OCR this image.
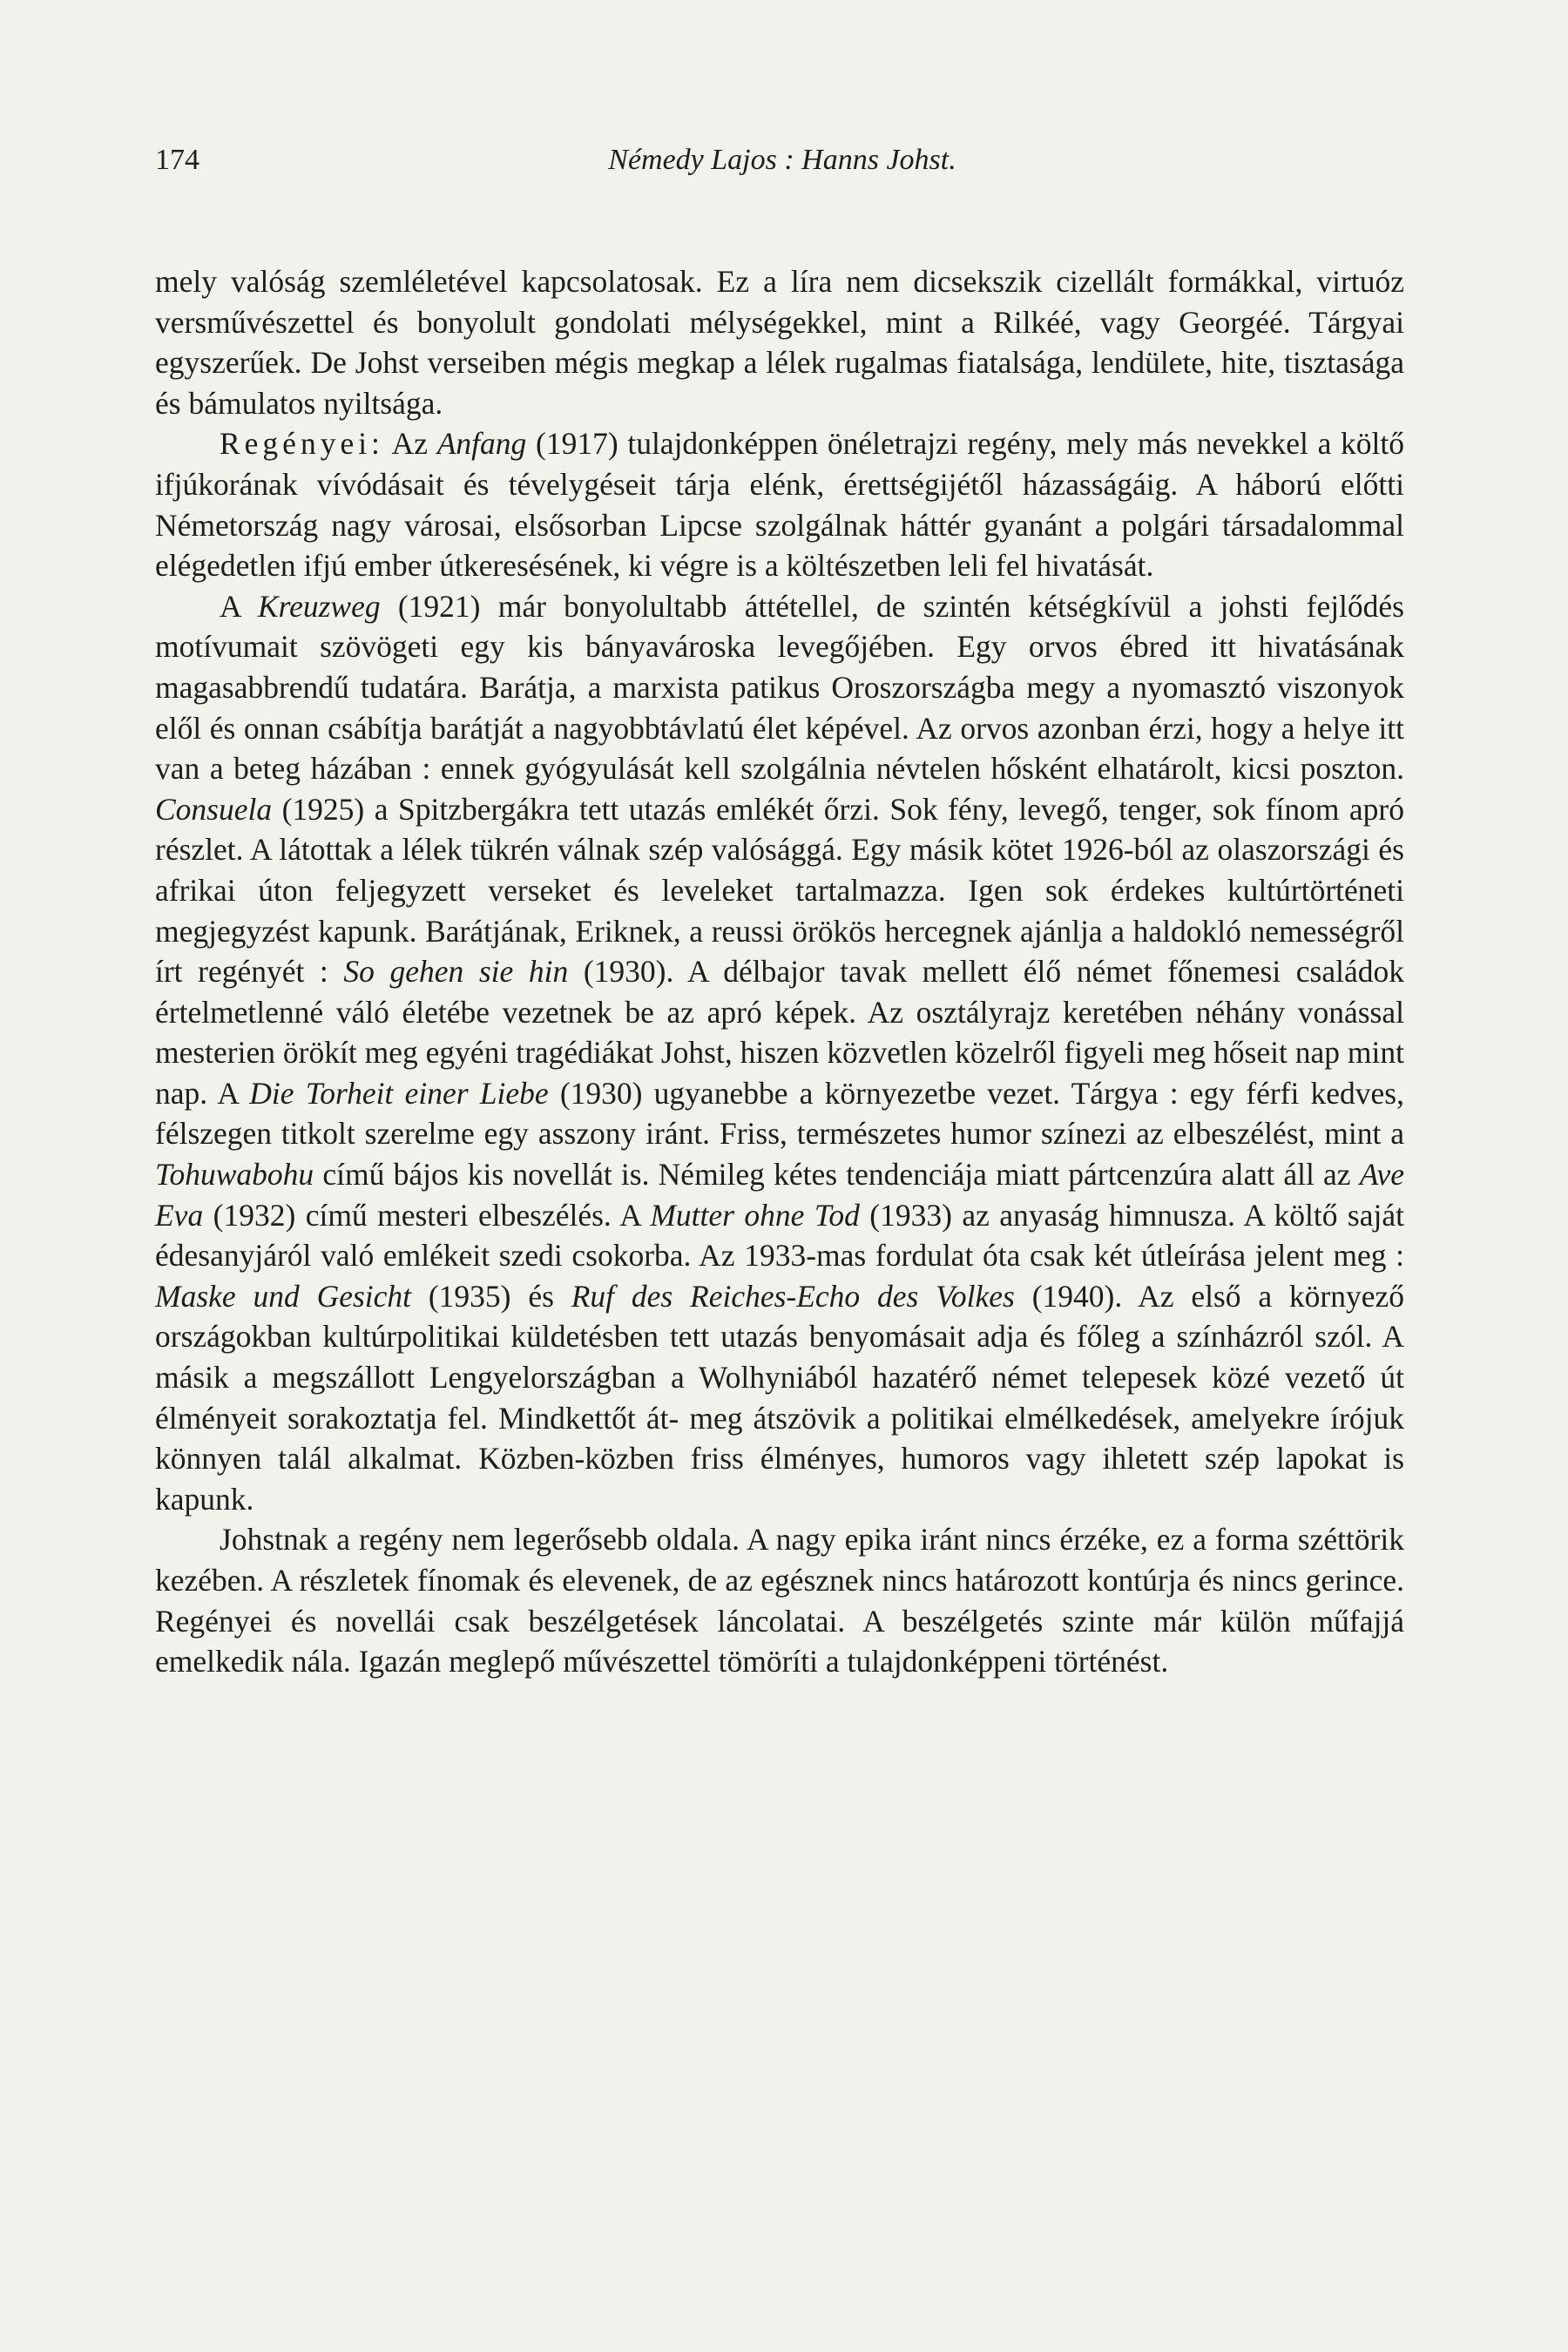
174	Némedy Lajos : Hanns Johst.

mely valóság szemléletével kapcsolatosak. Ez a líra nem dicsekszik cizellált formákkal, virtuóz versművészettel és bonyolult gondolati mélységekkel, mint a Rilkéé, vagy Georgéé. Tárgyai egyszerűek. De Johst verseiben mégis megkap a lélek rugalmas fiatalsága, lendülete, hite, tisztasága és bámulatos nyiltsága.

Regényei: Az Anfang (1917) tulajdonképpen önéletrajzi regény, mely más nevekkel a költő ifjúkorának vívódásait és tévelygéseit tárja elénk, érettségijétől házasságáig. A háború előtti Németország nagy városai, elsősorban Lipcse szolgálnak háttér gyanánt a polgári társadalommal elégedetlen ifjú ember útkeresésének, ki végre is a költészetben leli fel hivatását.

A Kreuzweg (1921) már bonyolultabb áttétellel, de szintén kétségkívül a johsti fejlődés motívumait szövögeti egy kis bányavároska levegőjében. Egy orvos ébred itt hivatásának magasabbrendű tudatára. Barátja, a marxista patikus Oroszországba megy a nyomasztó viszonyok elől és onnan csábítja barátját a nagyobbtávlatú élet képével. Az orvos azonban érzi, hogy a helye itt van a beteg házában : ennek gyógyulását kell szolgálnia névtelen hősként elhatárolt, kicsi poszton. Consuela (1925) a Spitzbergákra tett utazás emlékét őrzi. Sok fény, levegő, tenger, sok fínom apró részlet. A látottak a lélek tükrén válnak szép valósággá. Egy másik kötet 1926-ból az olaszországi és afrikai úton feljegyzett verseket és leveleket tartalmazza. Igen sok érdekes kultúrtörténeti megjegyzést kapunk. Barátjának, Eriknek, a reussi örökös hercegnek ajánlja a haldokló nemességről írt regényét : So gehen sie hin (1930). A délbajor tavak mellett élő német főnemesi családok értelmetlenné váló életébe vezetnek be az apró képek. Az osztályrajz keretében néhány vonással mesterien örökít meg egyéni tragédiákat Johst, hiszen közvetlen közelről figyeli meg hőseit nap mint nap. A Die Torheit einer Liebe (1930) ugyanebbe a környezetbe vezet. Tárgya : egy férfi kedves, félszegen titkolt szerelme egy asszony iránt. Friss, természetes humor színezi az elbeszélést, mint a Tohuwabohu című bájos kis novellát is. Némileg kétes tendenciája miatt pártcenzúra alatt áll az Ave Eva (1932) című mesteri elbeszélés. A Mutter ohne Tod (1933) az anyaság himnusza. A költő saját édesanyjáról való emlékeit szedi csokorba. Az 1933-mas fordulat óta csak két útleírása jelent meg : Maske und Gesicht (1935) és Ruf des Reiches-Echo des Volkes (1940). Az első a környező országokban kultúrpolitikai küldetésben tett utazás benyomásait adja és főleg a színházról szól. A másik a megszállott Lengyelországban a Wolhyniából hazatérő német telepesek közé vezető út élményeit sorakoztatja fel. Mindkettőt át- meg átszövik a politikai elmélkedések, amelyekre írójuk könnyen talál alkalmat. Közben-közben friss élményes, humoros vagy ihletett szép lapokat is kapunk.

Johstnak a regény nem legerősebb oldala. A nagy epika iránt nincs érzéke, ez a forma széttörik kezében. A részletek fínomak és elevenek, de az egésznek nincs határozott kontúrja és nincs gerince. Regényei és novellái csak beszélgetések láncolatai. A beszélgetés szinte már külön műfajjá emelkedik nála. Igazán meglepő művészettel tömöríti a tulajdonképpeni történést.
